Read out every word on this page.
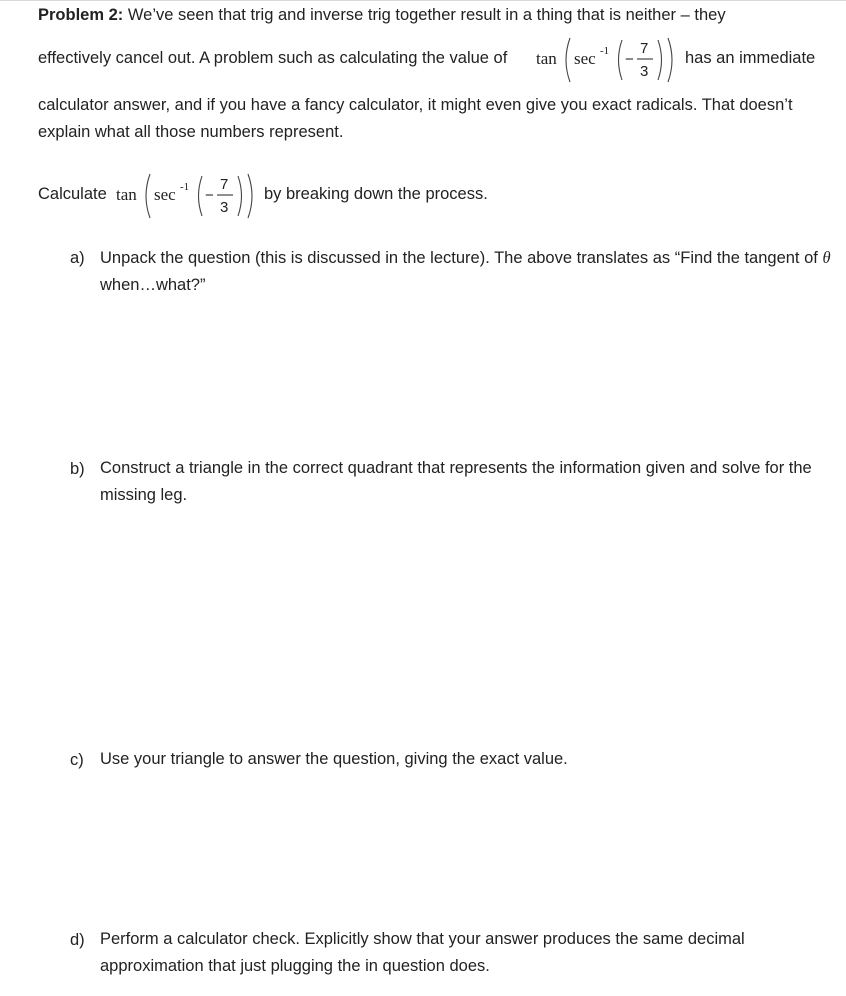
Problem 2: We’ve seen that trig and inverse trig together result in a thing that is neither – they
effectively cancel out. A problem such as calculating the value of tan sec -1 −
7
3
has an immediate
calculator answer, and if you have a fancy calculator, it might even give you exact radicals. That doesn’t
explain what all those numbers represent.
Calculate tan sec -1 −
7
3
by breaking down the process.
a) Unpack the question (this is discussed in the lecture). The above translates as “Find the tangent of θ when…what?”
b) Construct a triangle in the correct quadrant that represents the information given and solve for the missing leg.
c) Use your triangle to answer the question, giving the exact value.
d) Perform a calculator check. Explicitly show that your answer produces the same decimal approximation that just plugging the in question does.
